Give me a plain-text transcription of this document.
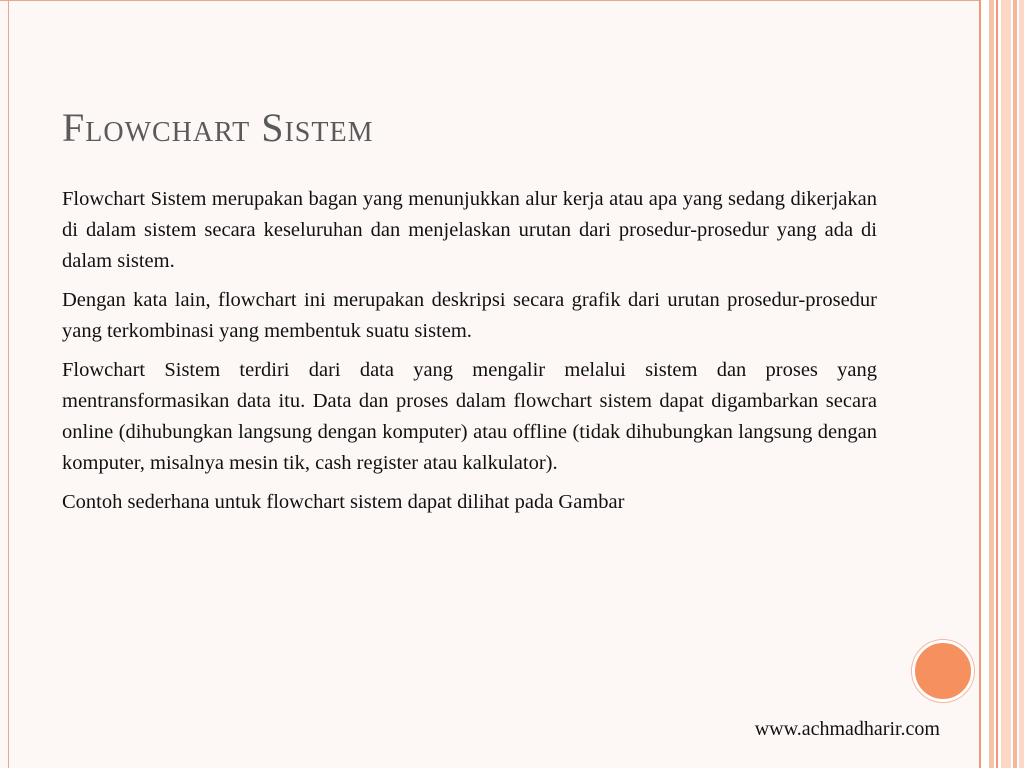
Flowchart Sistem

Flowchart Sistem merupakan bagan yang menunjukkan alur kerja atau apa yang sedang dikerjakan di dalam sistem secara keseluruhan dan menjelaskan urutan dari prosedur-prosedur yang ada di dalam sistem.

Dengan kata lain, flowchart ini merupakan deskripsi secara grafik dari urutan prosedur-prosedur yang terkombinasi yang membentuk suatu sistem.

Flowchart Sistem terdiri dari data yang mengalir melalui sistem dan proses yang mentransformasikan data itu. Data dan proses dalam flowchart sistem dapat digambarkan secara online (dihubungkan langsung dengan komputer) atau offline (tidak dihubungkan langsung dengan komputer, misalnya mesin tik, cash register atau kalkulator).

Contoh sederhana untuk flowchart sistem dapat dilihat pada Gambar

www.achmadharir.com
